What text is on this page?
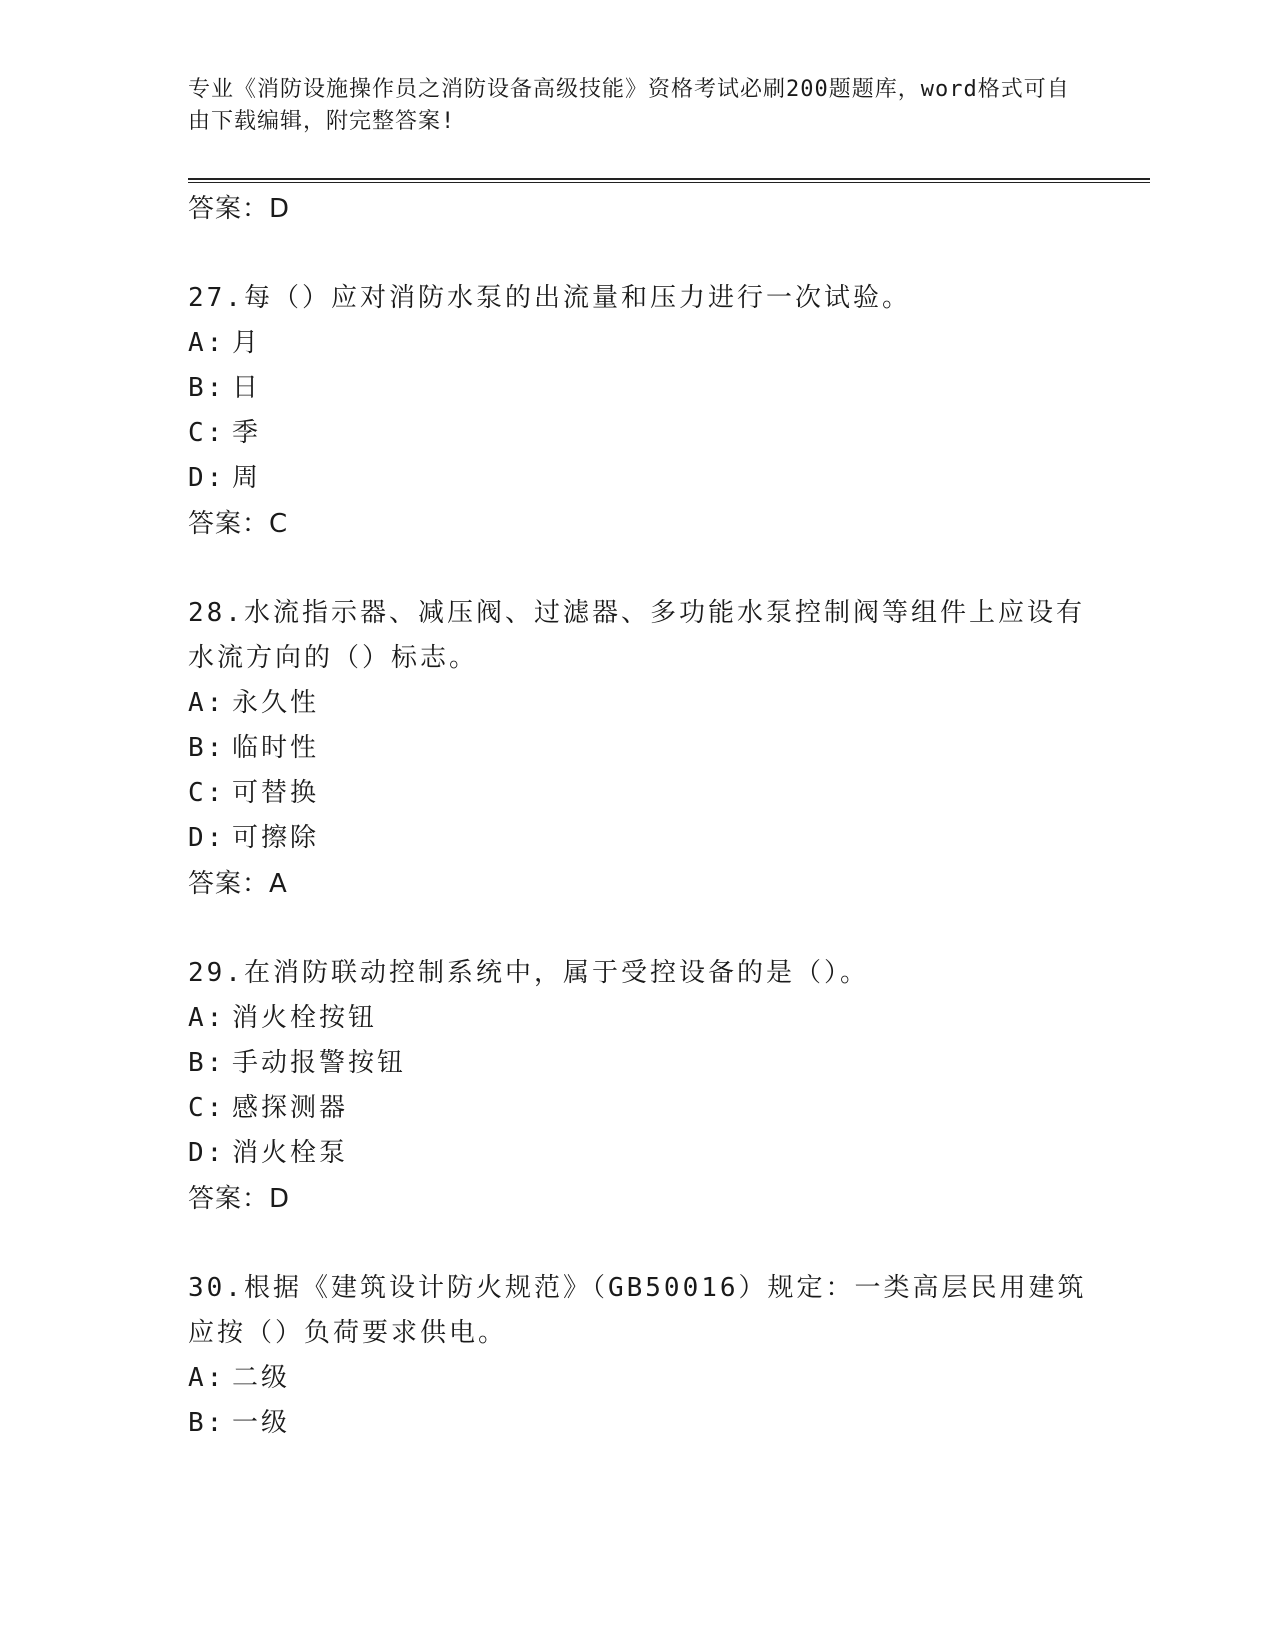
专业《消防设施操作员之消防设备高级技能》资格考试必刷200题题库，word格式可自由下载编辑，附完整答案!
答案：D
27.每（）应对消防水泵的出流量和压力进行一次试验。
A: 月
B: 日
C: 季
D: 周
答案：C
28.水流指示器、减压阀、过滤器、多功能水泵控制阀等组件上应设有水流方向的（）标志。
A: 永久性
B: 临时性
C: 可替换
D: 可擦除
答案：A
29.在消防联动控制系统中，属于受控设备的是（）。
A: 消火栓按钮
B: 手动报警按钮
C: 感探测器
D: 消火栓泵
答案：D
30.根据《建筑设计防火规范》（GB50016）规定：一类高层民用建筑应按（）负荷要求供电。
A: 二级
B: 一级
